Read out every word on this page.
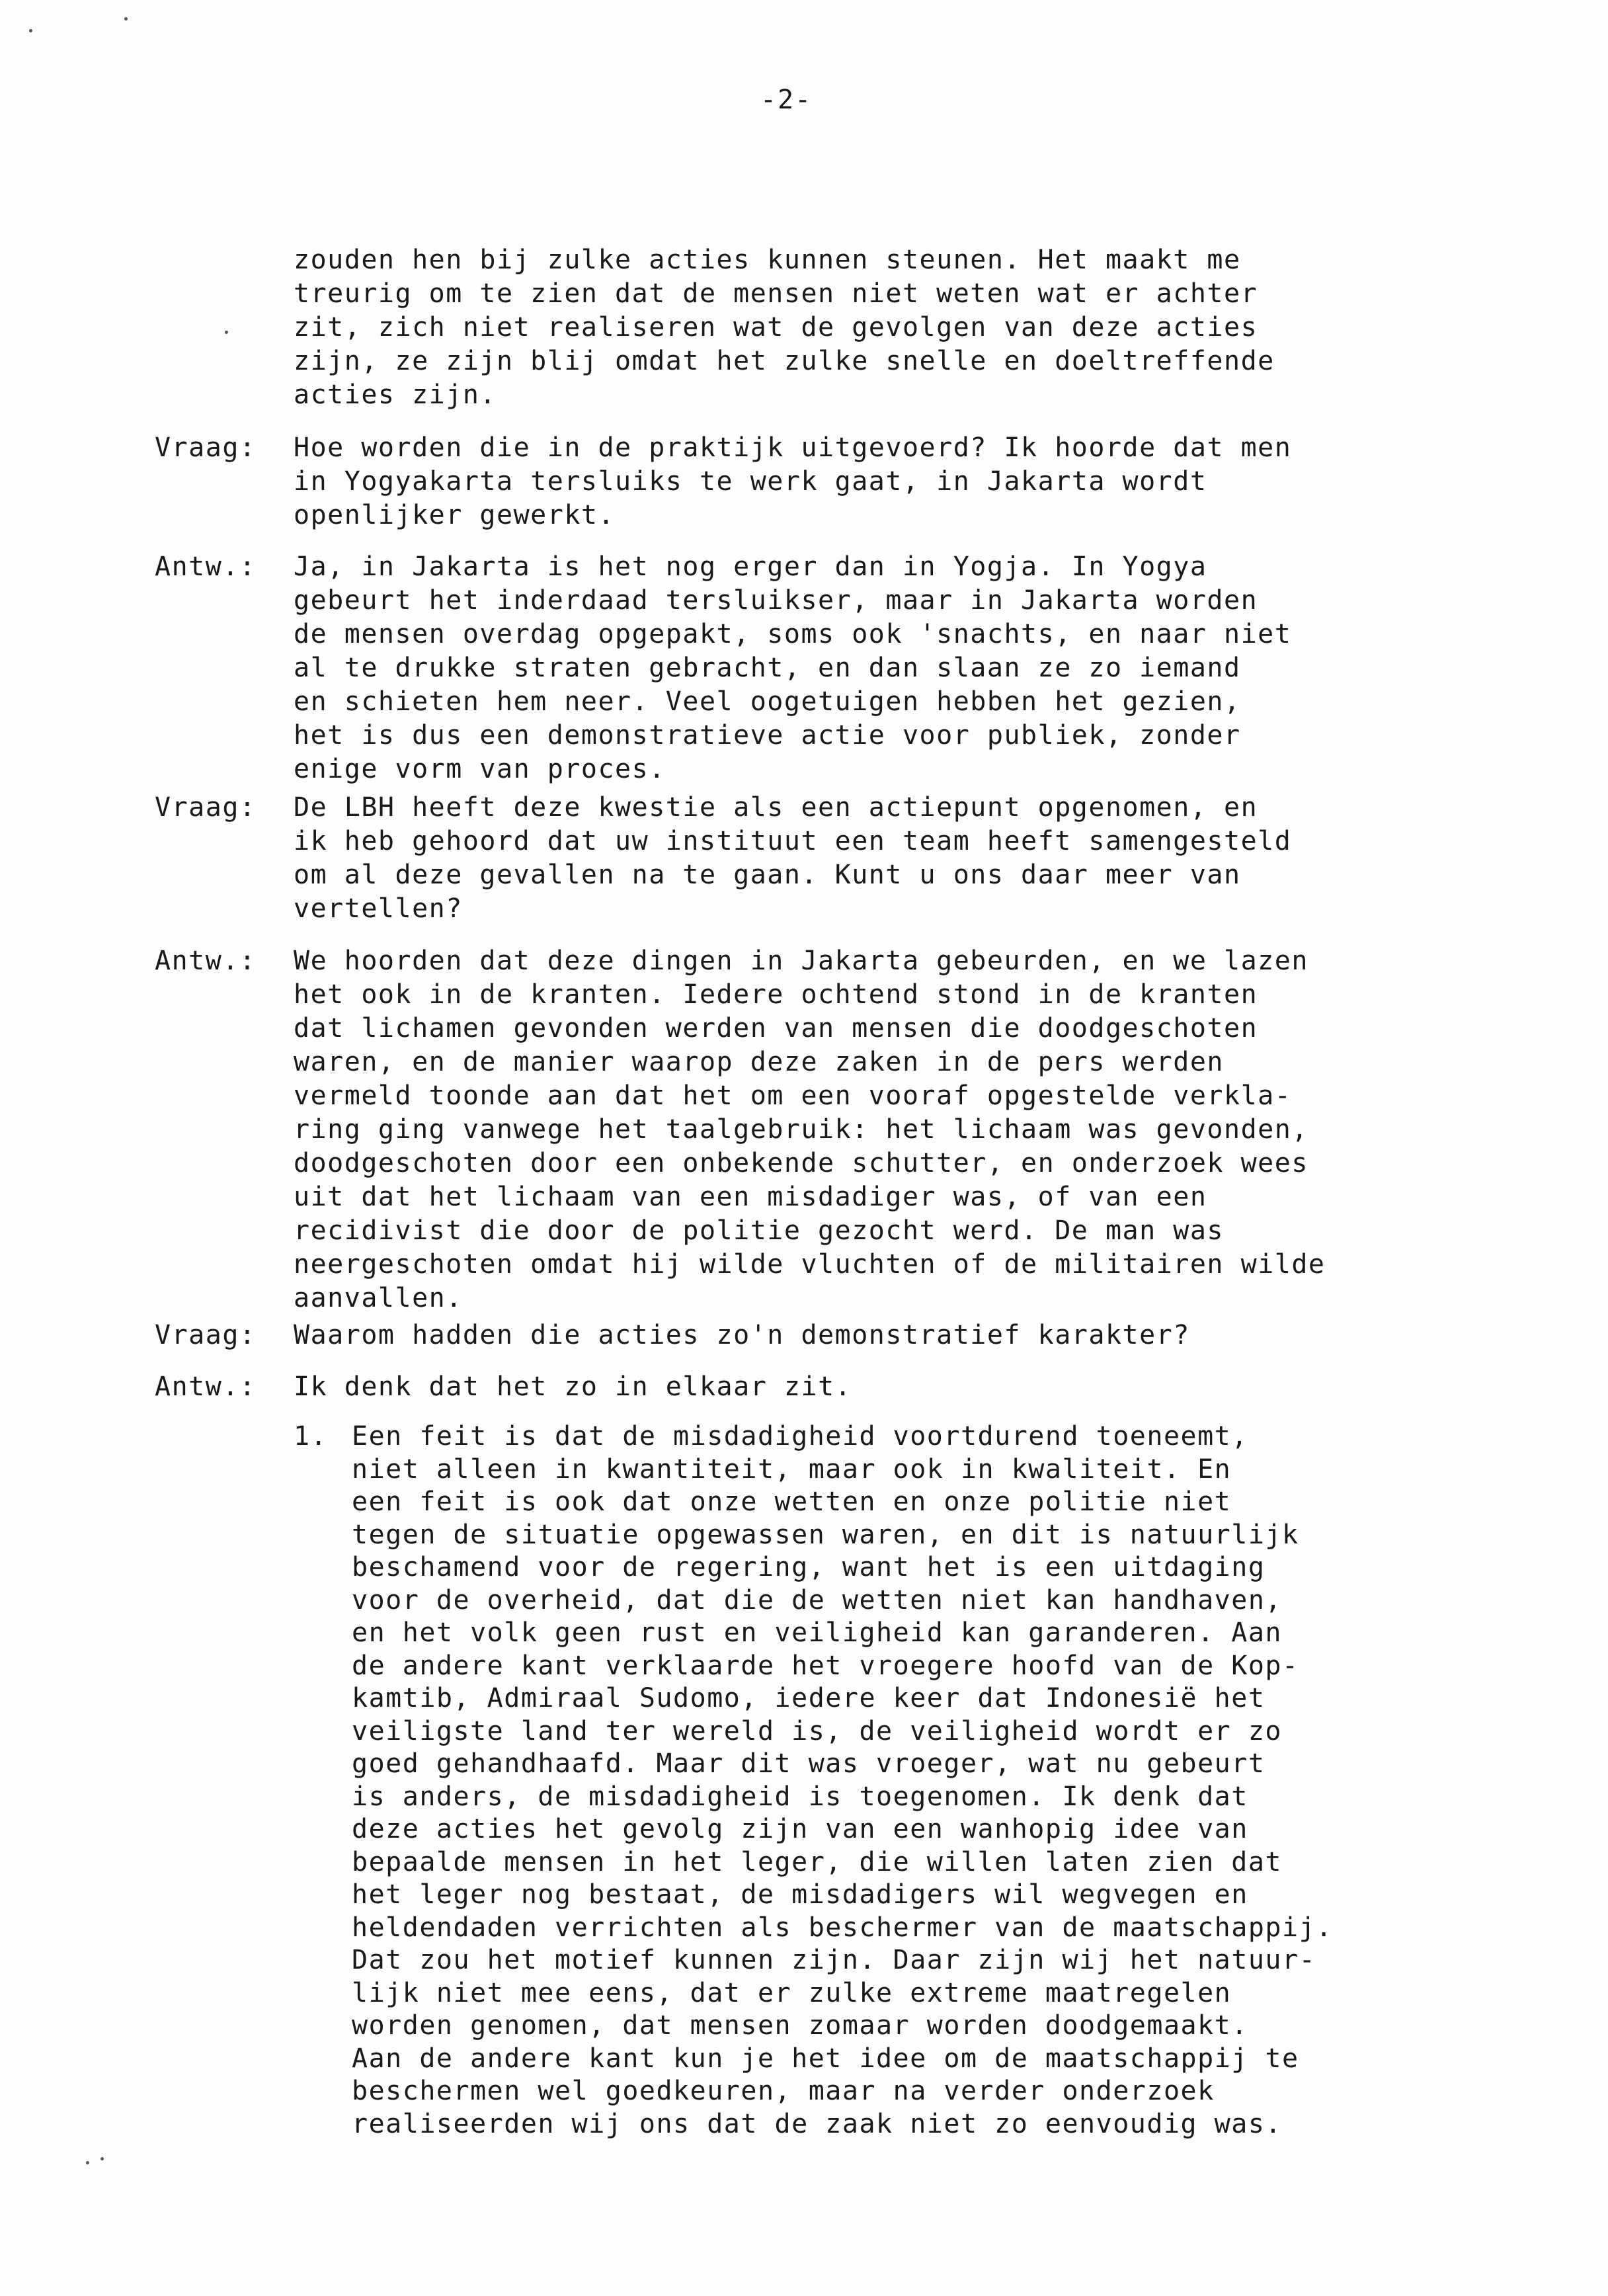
-2-
zouden hen bij zulke acties kunnen steunen. Het maakt me
treurig om te zien dat de mensen niet weten wat er achter
zit, zich niet realiseren wat de gevolgen van deze acties
zijn, ze zijn blij omdat het zulke snelle en doeltreffende
acties zijn.
Vraag:	Hoe worden die in de praktijk uitgevoerd? Ik hoorde dat men
in Yogyakarta tersluiks te werk gaat, in Jakarta wordt
openlijker gewerkt.
Antw.:	Ja, in Jakarta is het nog erger dan in Yogja. In Yogya
gebeurt het inderdaad tersluikser, maar in Jakarta worden
de mensen overdag opgepakt, soms ook 'snachts, en naar niet
al te drukke straten gebracht, en dan slaan ze zo iemand
en schieten hem neer. Veel oogetuigen hebben het gezien,
het is dus een demonstratieve actie voor publiek, zonder
enige vorm van proces.
Vraag:	De LBH heeft deze kwestie als een actiepunt opgenomen, en
ik heb gehoord dat uw instituut een team heeft samengesteld
om al deze gevallen na te gaan. Kunt u ons daar meer van
vertellen?
Antw.:	We hoorden dat deze dingen in Jakarta gebeurden, en we lazen
het ook in de kranten. Iedere ochtend stond in de kranten
dat lichamen gevonden werden van mensen die doodgeschoten
waren, en de manier waarop deze zaken in de pers werden
vermeld toonde aan dat het om een vooraf opgestelde verkla-
ring ging vanwege het taalgebruik: het lichaam was gevonden,
doodgeschoten door een onbekende schutter, en onderzoek wees
uit dat het lichaam van een misdadiger was, of van een
recidivist die door de politie gezocht werd. De man was
neergeschoten omdat hij wilde vluchten of de militairen wilde
aanvallen.
Vraag:	Waarom hadden die acties zo'n demonstratief karakter?
Antw.:	Ik denk dat het zo in elkaar zit.
1. Een feit is dat de misdadigheid voortdurend toeneemt,
niet alleen in kwantiteit, maar ook in kwaliteit. En
een feit is ook dat onze wetten en onze politie niet
tegen de situatie opgewassen waren, en dit is natuurlijk
beschamend voor de regering, want het is een uitdaging
voor de overheid, dat die de wetten niet kan handhaven,
en het volk geen rust en veiligheid kan garanderen. Aan
de andere kant verklaarde het vroegere hoofd van de Kop-
kamtib, Admiraal Sudomo, iedere keer dat Indonesië het
veiligste land ter wereld is, de veiligheid wordt er zo
goed gehandhaafd. Maar dit was vroeger, wat nu gebeurt
is anders, de misdadigheid is toegenomen. Ik denk dat
deze acties het gevolg zijn van een wanhopig idee van
bepaalde mensen in het leger, die willen laten zien dat
het leger nog bestaat, de misdadigers wil wegvegen en
heldendaden verrichten als beschermer van de maatschappij.
Dat zou het motief kunnen zijn. Daar zijn wij het natuur-
lijk niet mee eens, dat er zulke extreme maatregelen
worden genomen, dat mensen zomaar worden doodgemaakt.
Aan de andere kant kun je het idee om de maatschappij te
beschermen wel goedkeuren, maar na verder onderzoek
realiseerden wij ons dat de zaak niet zo eenvoudig was.
